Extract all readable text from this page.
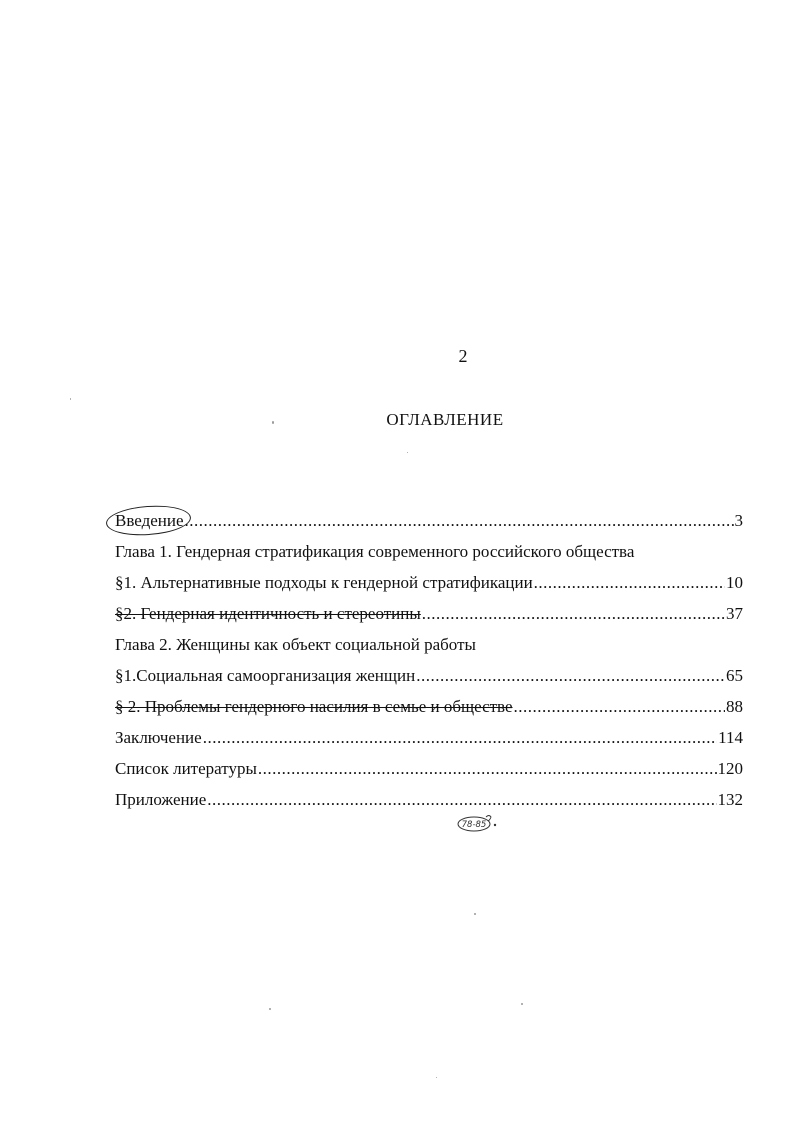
2
ОГЛАВЛЕНИЕ
Введение .....	3
Глава 1. Гендерная стратификация современного российского общества
§1. Альтернативные подходы к гендерной стратификации .....	10
§2. Гендерная идентичность и стереотипы .....	37
Глава 2. Женщины как объект социальной работы
§1.Социальная самоорганизация женщин .....	65
78-85
§ 2. Проблемы гендерного насилия в семье и обществе .....	88
Заключение .....	114
Список литературы .....	120
Приложение .....	132
